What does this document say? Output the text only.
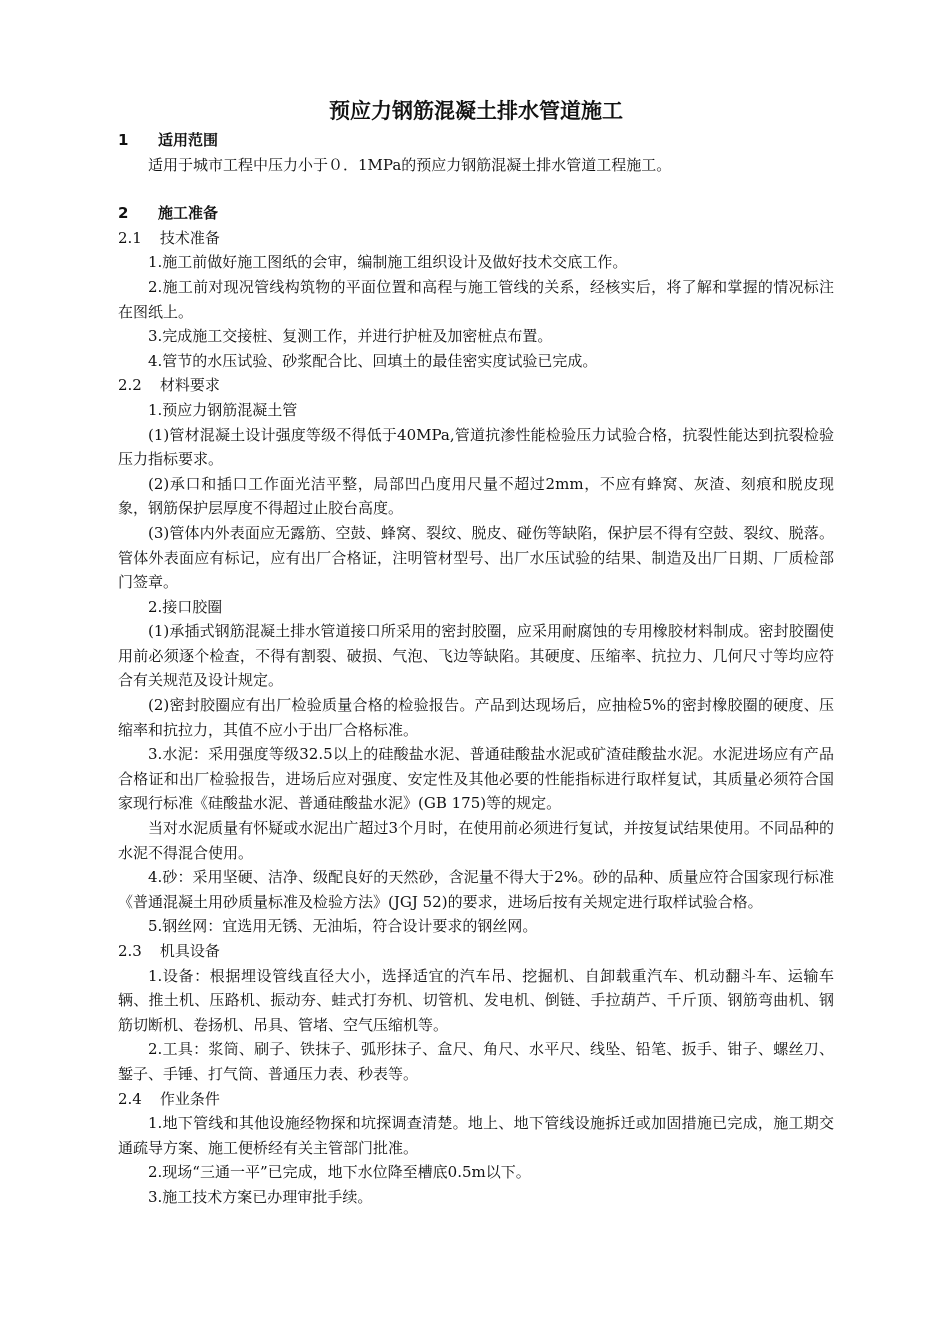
预应力钢筋混凝土排水管道施工
1 适用范围

适用于城市工程中压力小于０．1MPa的预应力钢筋混凝土排水管道工程施工。

2 施工准备
2.1 技术准备

1.施工前做好施工图纸的会审，编制施工组织设计及做好技术交底工作。

2.施工前对现况管线构筑物的平面位置和高程与施工管线的关系，经核实后，将了解和掌握的情况标注在图纸上。

3.完成施工交接桩、复测工作，并进行护桩及加密桩点布置。

4.管节的水压试验、砂浆配合比、回填土的最佳密实度试验已完成。

2.2 材料要求

1.预应力钢筋混凝土管

(1)管材混凝土设计强度等级不得低于40MPa,管道抗渗性能检验压力试验合格，抗裂性能达到抗裂检验压力指标要求。

(2)承口和插口工作面光洁平整，局部凹凸度用尺量不超过2mm，不应有蜂窝、灰渣、刻痕和脱皮现象，钢筋保护层厚度不得超过止胶台高度。

(3)管体内外表面应无露筋、空鼓、蜂窝、裂纹、脱皮、碰伤等缺陷，保护层不得有空鼓、裂纹、脱落。管体外表面应有标记，应有出厂合格证，注明管材型号、出厂水压试验的结果、制造及出厂日期、厂质检部门签章。

2.接口胶圈

(1)承插式钢筋混凝土排水管道接口所采用的密封胶圈，应采用耐腐蚀的专用橡胶材料制成。密封胶圈使用前必须逐个检查，不得有割裂、破损、气泡、飞边等缺陷。其硬度、压缩率、抗拉力、几何尺寸等均应符合有关规范及设计规定。

(2)密封胶圈应有出厂检验质量合格的检验报告。产品到达现场后，应抽检5%的密封橡胶圈的硬度、压缩率和抗拉力，其值不应小于出厂合格标准。

3.水泥：采用强度等级32.5以上的硅酸盐水泥、普通硅酸盐水泥或矿渣硅酸盐水泥。水泥进场应有产品合格证和出厂检验报告，进场后应对强度、安定性及其他必要的性能指标进行取样复试，其质量必须符合国家现行标准《硅酸盐水泥、普通硅酸盐水泥》(GB 175)等的规定。

当对水泥质量有怀疑或水泥出广超过3个月时，在使用前必须进行复试，并按复试结果使用。不同品种的水泥不得混合使用。

4.砂：采用坚硬、洁净、级配良好的天然砂，含泥量不得大于2%。砂的品种、质量应符合国家现行标准《普通混凝土用砂质量标准及检验方法》(JGJ 52)的要求，进场后按有关规定进行取样试验合格。

5.钢丝网：宜选用无锈、无油垢，符合设计要求的钢丝网。

2.3 机具设备

1.设备：根据埋设管线直径大小，选择适宜的汽车吊、挖掘机、自卸载重汽车、机动翻斗车、运输车辆、推土机、压路机、振动夯、蛙式打夯机、切管机、发电机、倒链、手拉葫芦、千斤顶、钢筋弯曲机、钢筋切断机、卷扬机、吊具、管堵、空气压缩机等。

2.工具：浆筒、刷子、铁抹子、弧形抹子、盒尺、角尺、水平尺、线坠、铅笔、扳手、钳子、螺丝刀、錾子、手锤、打气筒、普通压力表、秒表等。

2.4 作业条件

1.地下管线和其他设施经物探和坑探调查清楚。地上、地下管线设施拆迁或加固措施已完成，施工期交通疏导方案、施工便桥经有关主管部门批准。

2.现场“三通一平”已完成，地下水位降至槽底0.5m以下。

3.施工技术方案已办理审批手续。
